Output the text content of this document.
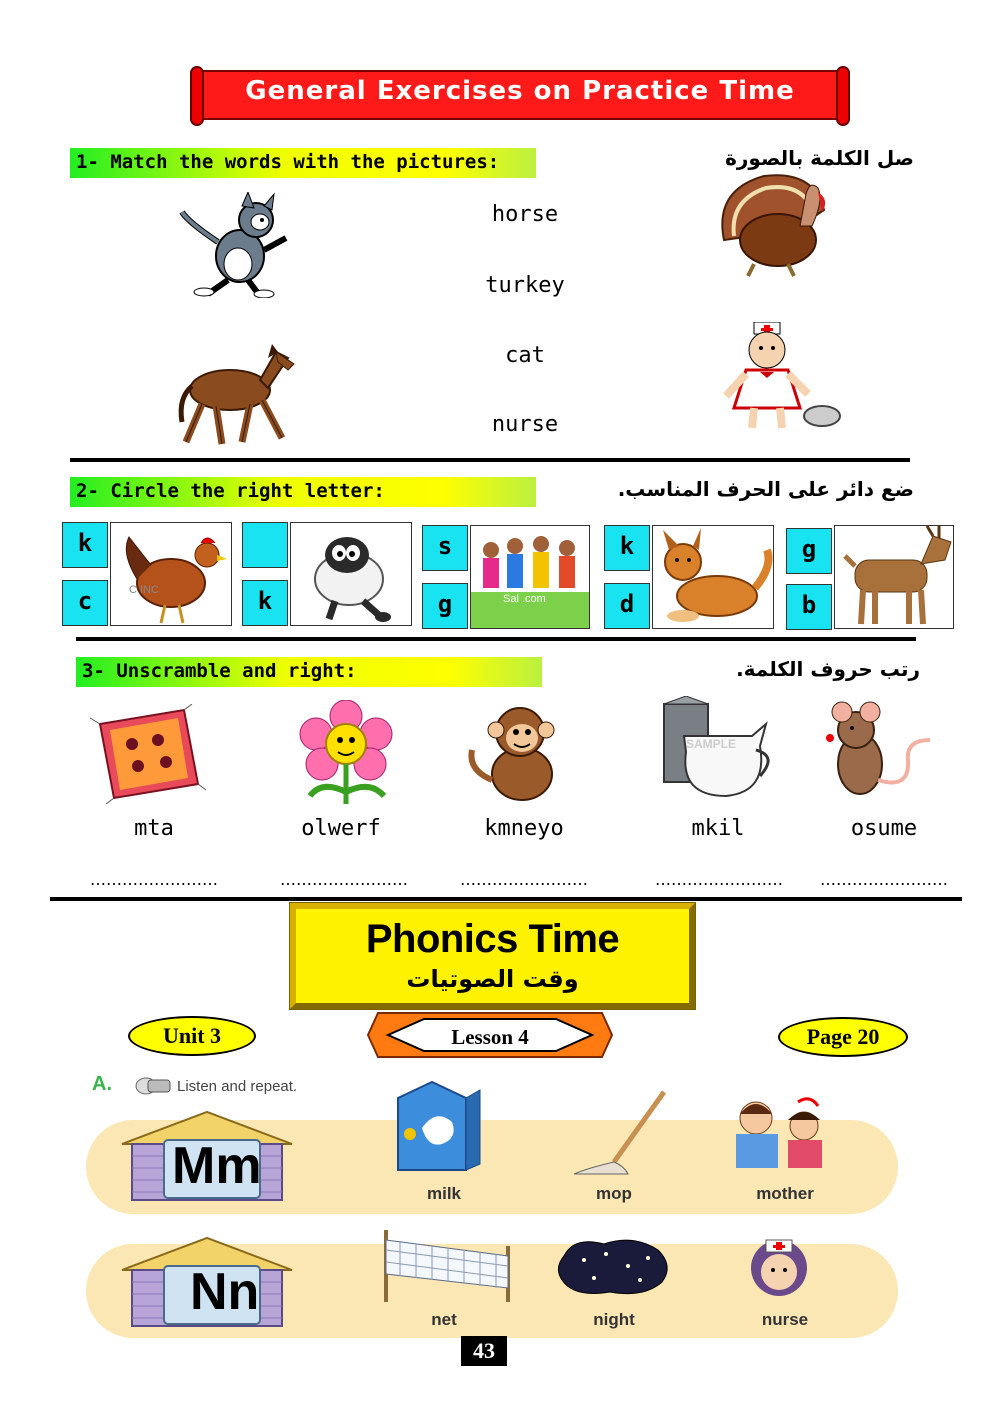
General Exercises on Practice Time
1- Match the words with the pictures:	صل الكلمة بالصورة
horse
turkey
cat
nurse
2- Circle the right letter:	ضع دائر على الحرف المناسب.
k
c	C INC	k
s
g	Sal .com
k
d
g
b
3- Unscramble and right:	رتب حروف الكلمة.
SAMPLE
mta	olwerf	kmneyo	mkil	osume
……………………	……………………	……………………	…………………… ……………………
Phonics Time
وقت الصوتيات
Unit 3	Lesson 4	Page 20
A.	Listen and repeat.
Mm	milk	mop	mother
Nn	net	night	nurse
43
